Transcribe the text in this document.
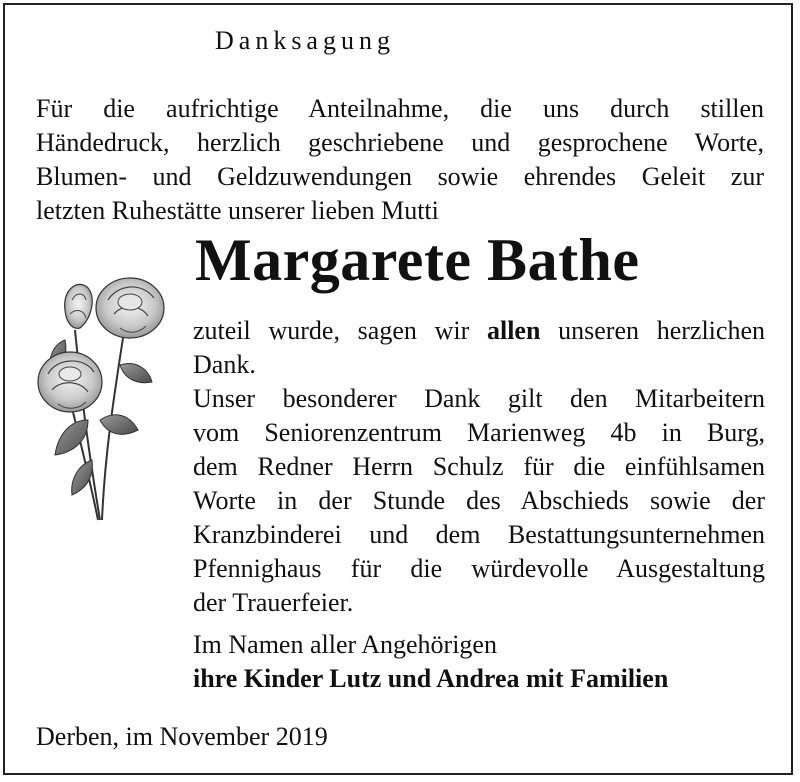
Danksagung
Für die aufrichtige Anteilnahme, die uns durch stillen
Händedruck, herzlich geschriebene und gesprochene Worte,
Blumen- und Geldzuwendungen sowie ehrendes Geleit zur
letzten Ruhestätte unserer lieben Mutti
Margarete Bathe
zuteil wurde, sagen wir allen unseren herzlichen
Dank.
Unser besonderer Dank gilt den Mitarbeitern
vom Seniorenzentrum Marienweg 4b in Burg,
dem Redner Herrn Schulz für die einfühlsamen
Worte in der Stunde des Abschieds sowie der
Kranzbinderei und dem Bestattungsunternehmen
Pfennighaus für die würdevolle Ausgestaltung
der Trauerfeier.
Im Namen aller Angehörigen
ihre Kinder Lutz und Andrea mit Familien
Derben, im November 2019
